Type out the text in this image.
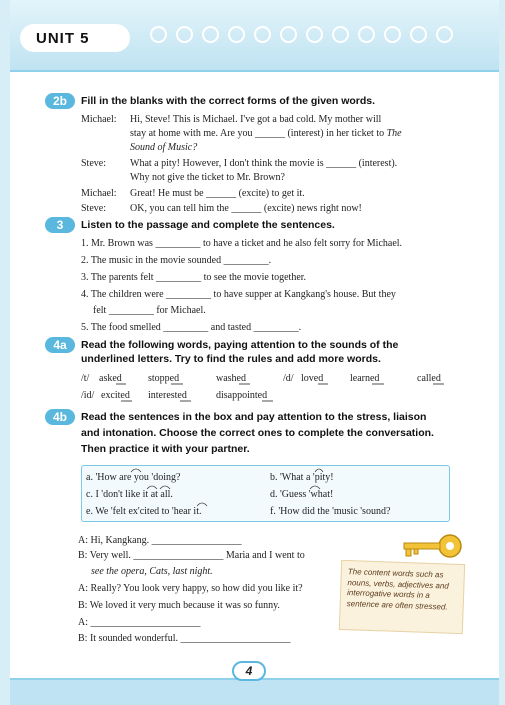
UNIT 5
2b	Fill in the blanks with the correct forms of the given words.
Michael: Hi, Steve! This is Michael. I've got a bad cold. My mother will
stay at home with me. Are you ______ (interest) in her ticket to The
Sound of Music?
Steve: What a pity! However, I don't think the movie is ______ (interest).
Why not give the ticket to Mr. Brown?
Michael: Great! He must be ______ (excite) to get it.
Steve: OK, you can tell him the ______ (excite) news right now!
3	Listen to the passage and complete the sentences.
1. Mr. Brown was _________ to have a ticket and he also felt sorry for Michael.
2. The music in the movie sounded _________.
3. The parents felt _________ to see the movie together.
4. The children were _________ to have supper at Kangkang's house. But they
felt _________ for Michael.
5. The food smelled _________ and tasted _________.
4a	Read the following words, paying attention to the sounds of the
underlined letters. Try to find the rules and add more words.
/t/ asked	stopped	washed	/d/ loved	learned	called
/id/ excited interested	disappointed
4b	Read the sentences in the box and pay attention to the stress, liaison
and intonation. Choose the correct ones to complete the conversation.
Then practice it with your partner.
a. 'How are you 'doing?	b. 'What a 'pity!
c. I 'don't like it at all.	d. 'Guess 'what!
e. We 'felt ex'cited to 'hear it.	f. 'How did the 'music 'sound?
A: Hi, Kangkang. __________________
B: Very well. __________________ Maria and I went to
see the opera, Cats, last night.
A: Really? You look very happy, so how did you like it?
B: We loved it very much because it was so funny.
A: ______________________
B: It sounded wonderful. ______________________
The content words such as nouns, verbs, adjectives and interrogative words in a sentence are often stressed.
4
